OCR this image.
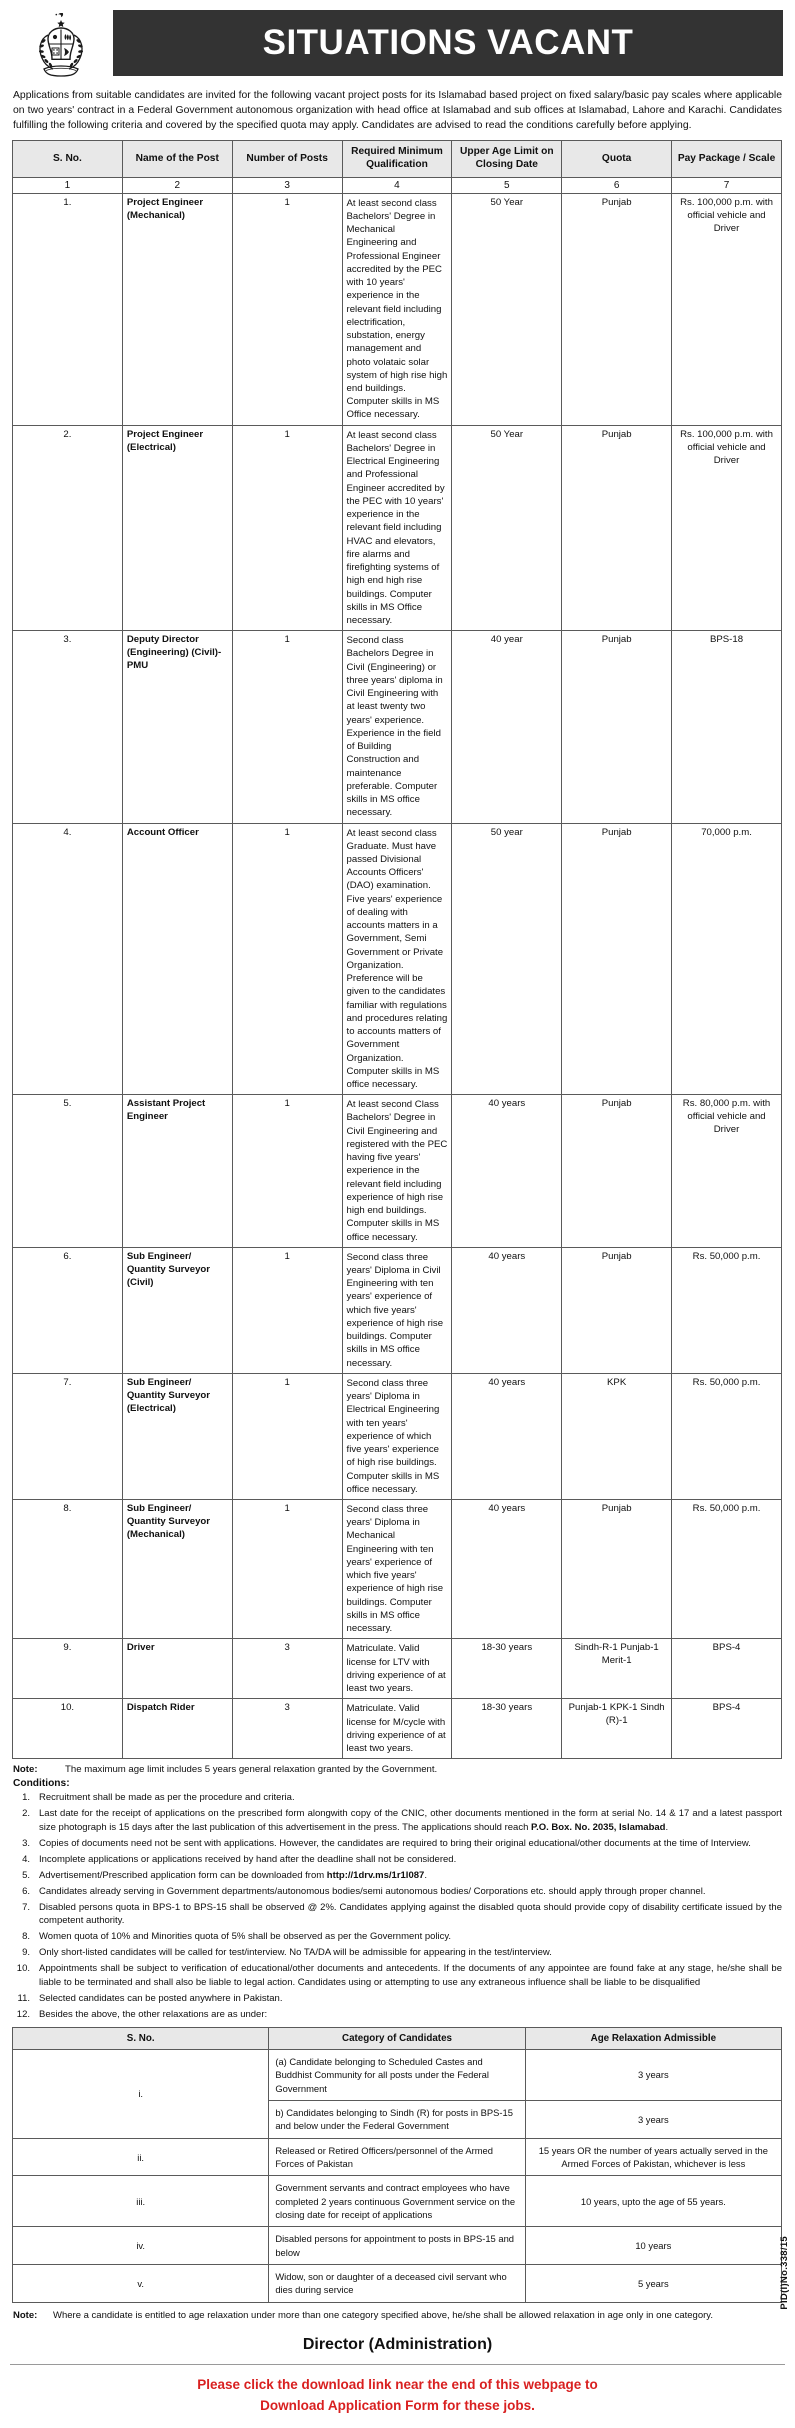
SITUATIONS VACANT

Applications from suitable candidates are invited for the following vacant project posts for its Islamabad based project on fixed salary/basic pay scales where applicable on two years' contract in a Federal Government autonomous organization with head office at Islamabad and sub offices at Islamabad, Lahore and Karachi. Candidates fulfilling the following criteria and covered by the specified quota may apply. Candidates are advised to read the conditions carefully before applying.

S. No.	Name of the Post	Number of Posts	Required Minimum Qualification	Upper Age Limit on Closing Date	Quota	Pay Package / Scale
1	2	3	4	5	6	7
1.	Project Engineer (Mechanical)	1	At least second class Bachelors' Degree in Mechanical Engineering and Professional Engineer accredited by the PEC with 10 years' experience in the relevant field including electrification, substation, energy management and photo volataic solar system of high rise high end buildings. Computer skills in MS Office necessary.	50 Year	Punjab	Rs. 100,000 p.m. with official vehicle and Driver
2.	Project Engineer (Electrical)	1	At least second class Bachelors' Degree in Electrical Engineering and Professional Engineer accredited by the PEC with 10 years' experience in the relevant field including HVAC and elevators, fire alarms and firefighting systems of high end high rise buildings. Computer skills in MS Office necessary.	50 Year	Punjab	Rs. 100,000 p.m. with official vehicle and Driver
3.	Deputy Director (Engineering) (Civil)-PMU	1	Second class Bachelors Degree in Civil (Engineering) or three years' diploma in Civil Engineering with at least twenty two years' experience. Experience in the field of Building Construction and maintenance preferable. Computer skills in MS office necessary.	40 year	Punjab	BPS-18
4.	Account Officer	1	At least second class Graduate. Must have passed Divisional Accounts Officers' (DAO) examination. Five years' experience of dealing with accounts matters in a Government, Semi Government or Private Organization. Preference will be given to the candidates familiar with regulations and procedures relating to accounts matters of Government Organization. Computer skills in MS office necessary.	50 year	Punjab	70,000 p.m.
5.	Assistant Project Engineer	1	At least second Class Bachelors' Degree in Civil Engineering and registered with the PEC having five years' experience in the relevant field including experience of high rise high end buildings. Computer skills in MS office necessary.	40 years	Punjab	Rs. 80,000 p.m. with official vehicle and Driver
6.	Sub Engineer/ Quantity Surveyor (Civil)	1	Second class three years' Diploma in Civil Engineering with ten years' experience of which five years' experience of high rise buildings. Computer skills in MS office necessary.	40 years	Punjab	Rs. 50,000 p.m.
7.	Sub Engineer/ Quantity Surveyor (Electrical)	1	Second class three years' Diploma in Electrical Engineering with ten years' experience of which five years' experience of high rise buildings. Computer skills in MS office necessary.	40 years	KPK	Rs. 50,000 p.m.
8.	Sub Engineer/ Quantity Surveyor (Mechanical)	1	Second class three years' Diploma in Mechanical Engineering with ten years' experience of which five years' experience of high rise buildings. Computer skills in MS office necessary.	40 years	Punjab	Rs. 50,000 p.m.
9.	Driver	3	Matriculate. Valid license for LTV with driving experience of at least two years.	18-30 years	Sindh-R-1 Punjab-1 Merit-1	BPS-4
10.	Dispatch Rider	3	Matriculate. Valid license for M/cycle with driving experience of at least two years.	18-30 years	Punjab-1 KPK-1 Sindh (R)-1	BPS-4
Note:	The maximum age limit includes 5 years general relaxation granted by the Government.
Conditions:
1. Recruitment shall be made as per the procedure and criteria.
2. Last date for the receipt of applications on the prescribed form alongwith copy of the CNIC, other documents mentioned in the form at serial No. 14 & 17 and a latest passport size photograph is 15 days after the last publication of this advertisement in the press. The applications should reach P.O. Box. No. 2035, Islamabad.
3. Copies of documents need not be sent with applications. However, the candidates are required to bring their original educational/other documents at the time of Interview.
4. Incomplete applications or applications received by hand after the deadline shall not be considered.
5. Advertisement/Prescribed application form can be downloaded from http://1drv.ms/1r1l087.
6. Candidates already serving in Government departments/autonomous bodies/semi autonomous bodies/ Corporations etc. should apply through proper channel.
7. Disabled persons quota in BPS-1 to BPS-15 shall be observed @ 2%. Candidates applying against the disabled quota should provide copy of disability certificate issued by the competent authority.
8. Women quota of 10% and Minorities quota of 5% shall be observed as per the Government policy.
9. Only short-listed candidates will be called for test/interview. No TA/DA will be admissible for appearing in the test/interview.
10. Appointments shall be subject to verification of educational/other documents and antecedents. If the documents of any appointee are found fake at any stage, he/she shall be liable to be terminated and shall also be liable to legal action. Candidates using or attempting to use any extraneous influence shall be liable to be disqualified
11. Selected candidates can be posted anywhere in Pakistan.
12. Besides the above, the other relaxations are as under:
S. No.	Category of Candidates	Age Relaxation Admissible
i.	(a) Candidate belonging to Scheduled Castes and Buddhist Community for all posts under the Federal Government	3 years
	b) Candidates belonging to Sindh (R) for posts in BPS-15 and below under the Federal Government	3 years
ii.	Released or Retired Officers/personnel of the Armed Forces of Pakistan	15 years OR the number of years actually served in the Armed Forces of Pakistan, whichever is less
iii.	Government servants and contract employees who have completed 2 years continuous Government service on the closing date for receipt of applications	10 years, upto the age of 55 years.
iv.	Disabled persons for appointment to posts in BPS-15 and below	10 years
v.	Widow, son or daughter of a deceased civil servant who dies during service	5 years
Note:	Where a candidate is entitled to age relaxation under more than one category specified above, he/she shall be allowed relaxation in age only in one category.
Director (Administration)
PID(I)No.338/15
Please click the download link near the end of this webpage to
Download Application Form for these jobs.
